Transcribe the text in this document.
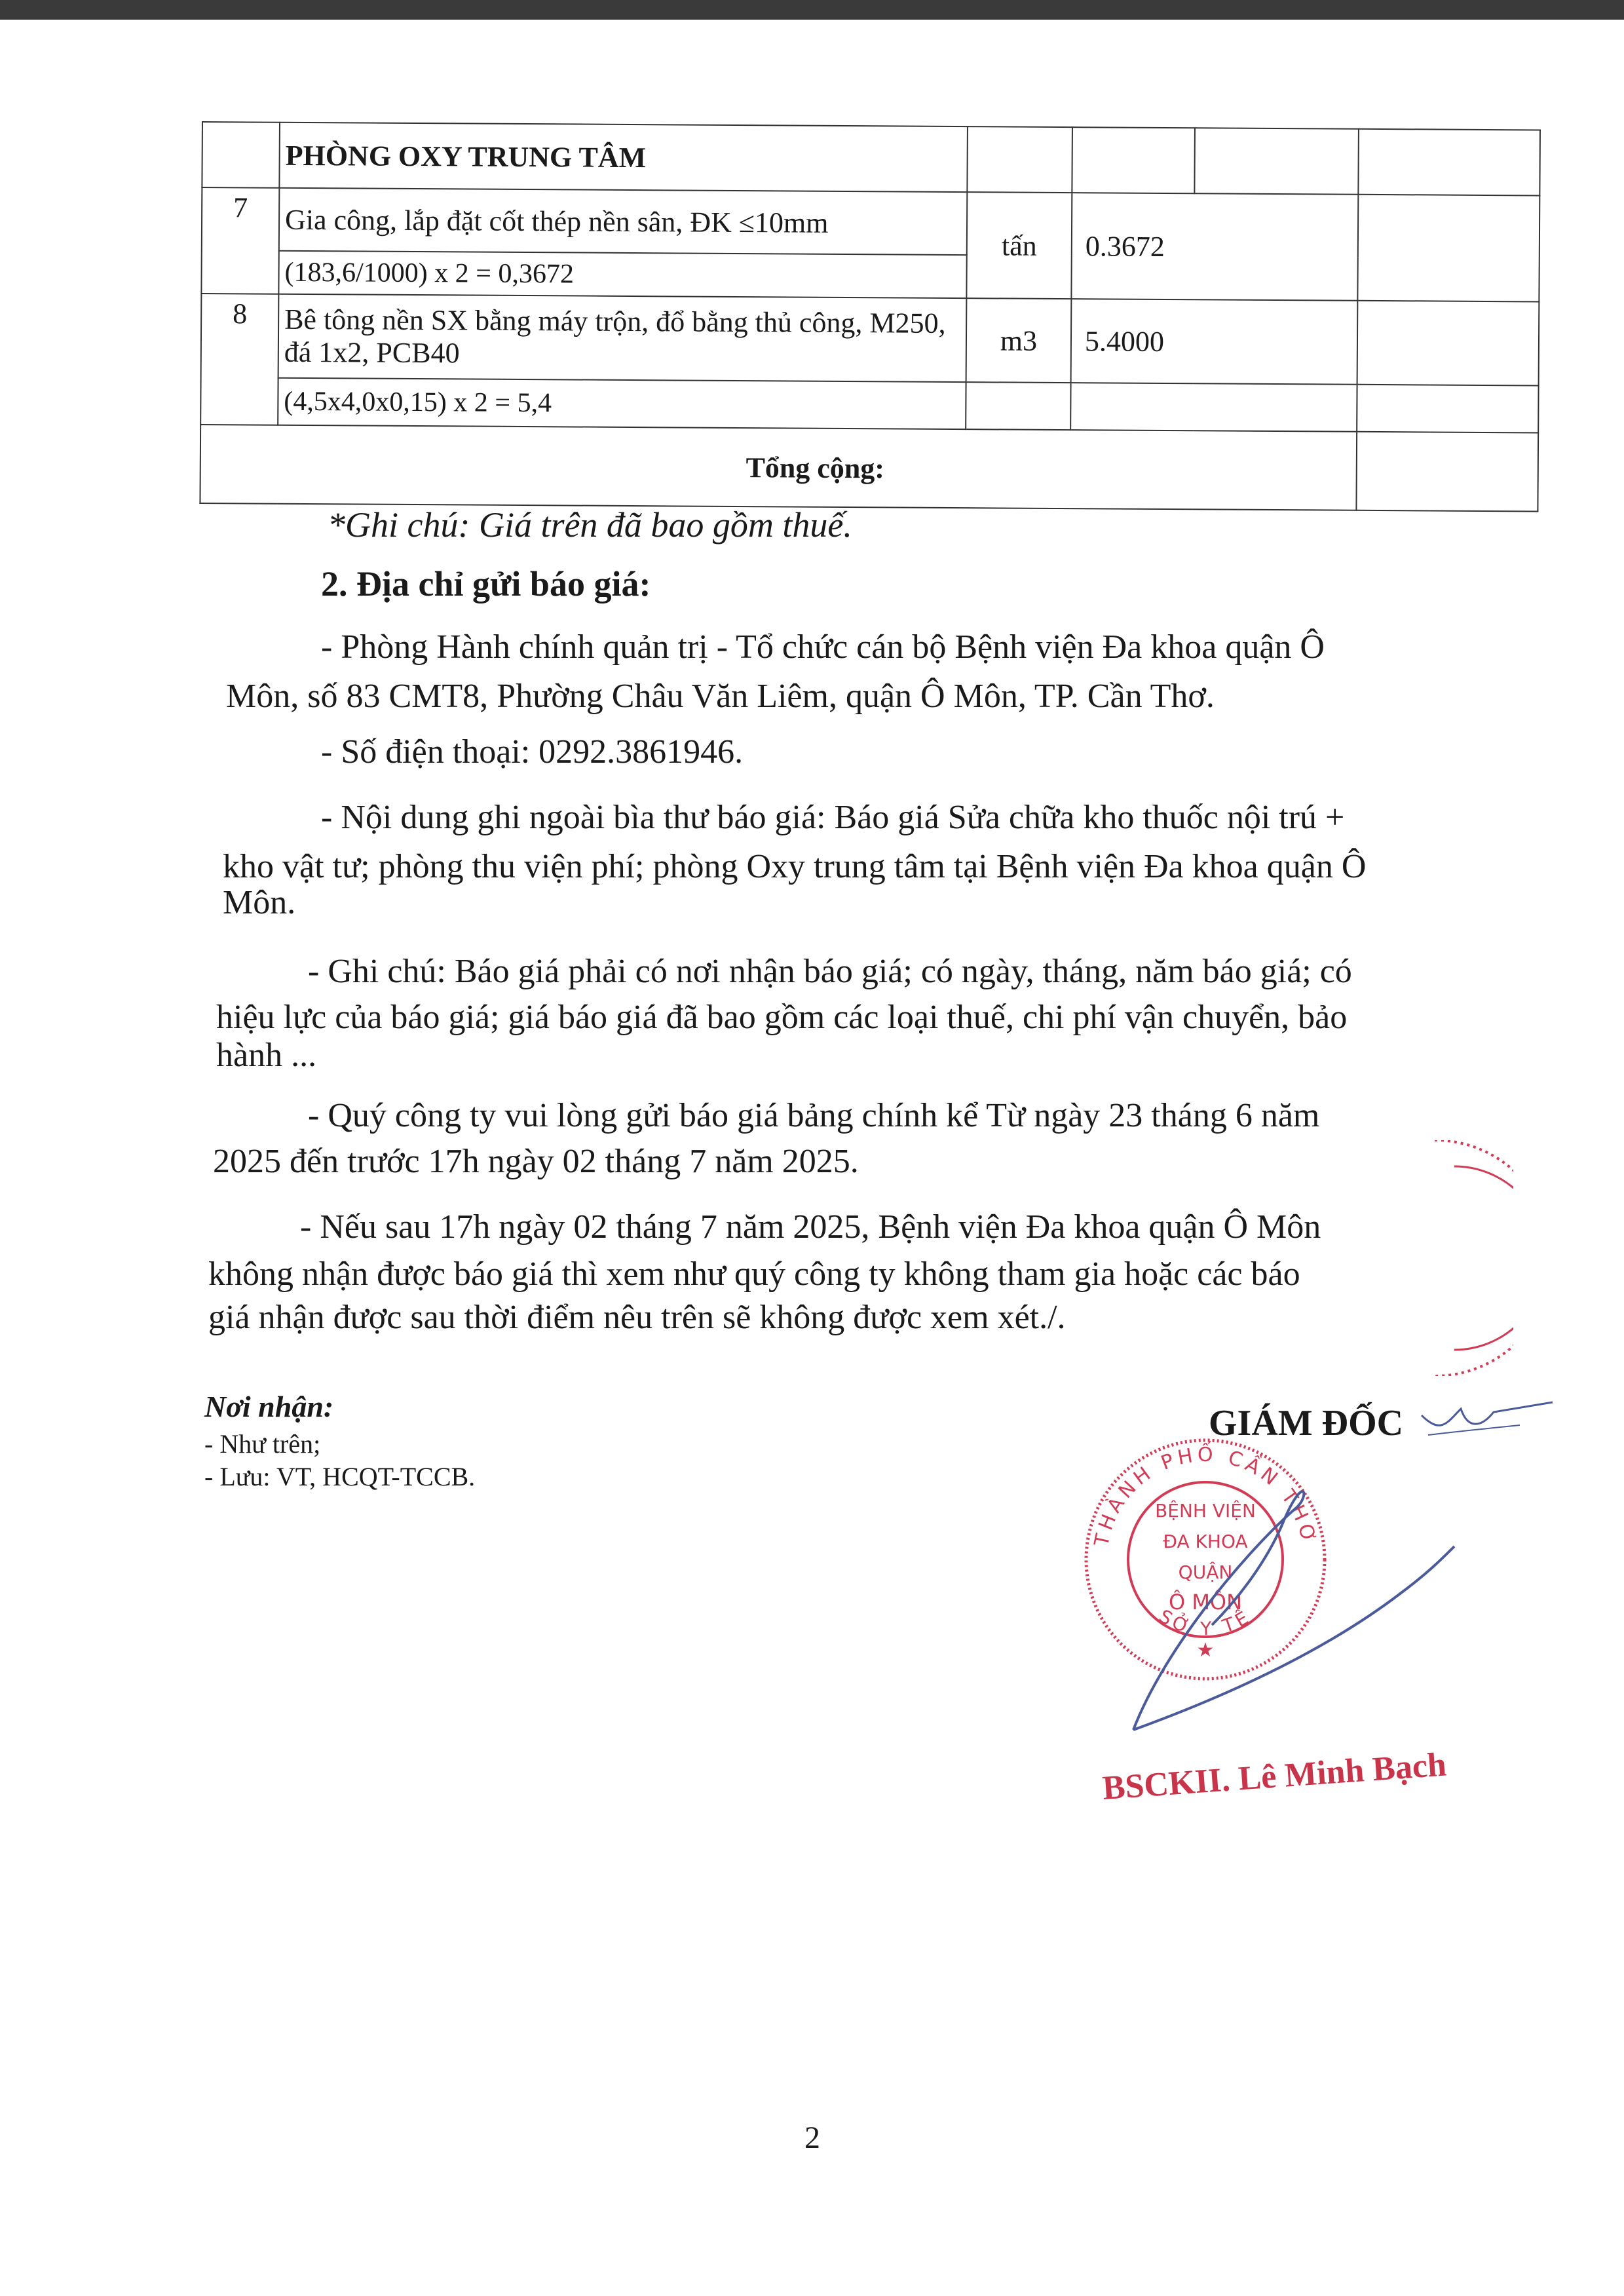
	PHÒNG OXY TRUNG TÂM				
7	Gia công, lắp đặt cốt thép nền sân, ĐK ≤10mm	tấn	0.3672		
	(183,6/1000) x 2 = 0,3672				
8	Bê tông nền SX bằng máy trộn, đổ bằng thủ công, M250, đá 1x2, PCB40	m3	5.4000		
	(4,5x4,0x0,15) x 2 = 5,4				
Tổng cộng:					

*Ghi chú: Giá trên đã bao gồm thuế.

2. Địa chỉ gửi báo giá:

- Phòng Hành chính quản trị - Tổ chức cán bộ Bệnh viện Đa khoa quận Ô

Môn, số 83 CMT8, Phường Châu Văn Liêm, quận Ô Môn, TP. Cần Thơ.

- Số điện thoại: 0292.3861946.

- Nội dung ghi ngoài bìa thư báo giá: Báo giá Sửa chữa kho thuốc nội trú +

kho vật tư; phòng thu viện phí; phòng Oxy trung tâm tại Bệnh viện Đa khoa quận Ô

Môn.

- Ghi chú: Báo giá phải có nơi nhận báo giá; có ngày, tháng, năm báo giá; có

hiệu lực của báo giá; giá báo giá đã bao gồm các loại thuế, chi phí vận chuyển, bảo

hành ...

- Quý công ty vui lòng gửi báo giá bảng chính kể Từ ngày 23 tháng 6 năm

2025 đến trước 17h ngày 02 tháng 7 năm 2025.

- Nếu sau 17h ngày 02 tháng 7 năm 2025, Bệnh viện Đa khoa quận Ô Môn

không nhận được báo giá thì xem như quý công ty không tham gia hoặc các báo

giá nhận được sau thời điểm nêu trên sẽ không được xem xét./.

Nơi nhận:

- Như trên;

- Lưu: VT, HCQT-TCCB.

GIÁM ĐỐC

THÀNH PHỐ CẦN THƠ
SỞ Y TẾ
BỆNH VIỆN
ĐA KHOA
QUẬN
Ô MÔN
★

BSCKII. Lê Minh Bạch

2
